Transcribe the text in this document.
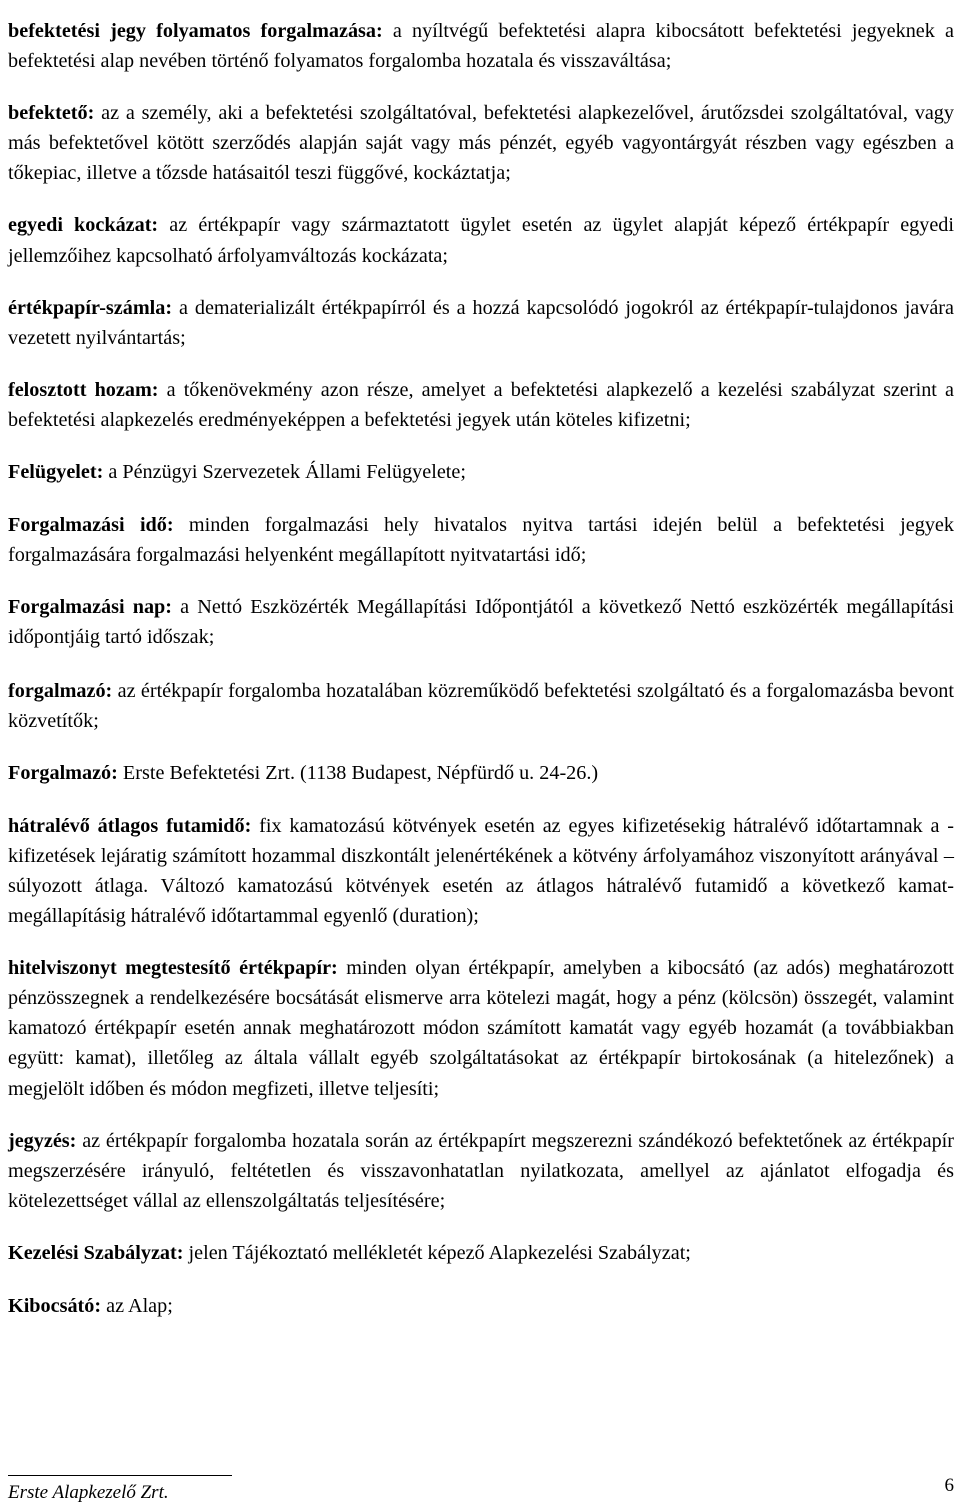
befektetési jegy folyamatos forgalmazása: a nyíltvégű befektetési alapra kibocsátott befektetési jegyeknek a befektetési alap nevében történő folyamatos forgalomba hozatala és visszaváltása;

befektető: az a személy, aki a befektetési szolgáltatóval, befektetési alapkezelővel, árutőzsdei szolgáltatóval, vagy más befektetővel kötött szerződés alapján saját vagy más pénzét, egyéb vagyontárgyát részben vagy egészben a tőkepiac, illetve a tőzsde hatásaitól teszi függővé, kockáztatja;

egyedi kockázat: az értékpapír vagy származtatott ügylet esetén az ügylet alapját képező értékpapír egyedi jellemzőihez kapcsolható árfolyamváltozás kockázata;

értékpapír-számla: a dematerializált értékpapírról és a hozzá kapcsolódó jogokról az értékpapír-tulajdonos javára vezetett nyilvántartás;

felosztott hozam: a tőkenövekmény azon része, amelyet a befektetési alapkezelő a kezelési szabályzat szerint a befektetési alapkezelés eredményeképpen a befektetési jegyek után köteles kifizetni;

Felügyelet: a Pénzügyi Szervezetek Állami Felügyelete;

Forgalmazási idő: minden forgalmazási hely hivatalos nyitva tartási idején belül a befektetési jegyek forgalmazására forgalmazási helyenként megállapított nyitvatartási idő;

Forgalmazási nap: a Nettó Eszközérték Megállapítási Időpontjától a következő Nettó eszközérték megállapítási időpontjáig tartó időszak;

forgalmazó: az értékpapír forgalomba hozatalában közreműködő befektetési szolgáltató és a forgalomazásba bevont közvetítők;

Forgalmazó: Erste Befektetési Zrt. (1138 Budapest, Népfürdő u. 24-26.)

hátralévő átlagos futamidő: fix kamatozású kötvények esetén az egyes kifizetésekig hátralévő időtartamnak a - kifizetések lejáratig számított hozammal diszkontált jelenértékének a kötvény árfolyamához viszonyított arányával – súlyozott átlaga. Változó kamatozású kötvények esetén az átlagos hátralévő futamidő a következő kamat-megállapításig hátralévő időtartammal egyenlő (duration);

hitelviszonyt megtestesítő értékpapír: minden olyan értékpapír, amelyben a kibocsátó (az adós) meghatározott pénzösszegnek a rendelkezésére bocsátását elismerve arra kötelezi magát, hogy a pénz (kölcsön) összegét, valamint kamatozó értékpapír esetén annak meghatározott módon számított kamatát vagy egyéb hozamát (a továbbiakban együtt: kamat), illetőleg az általa vállalt egyéb szolgáltatásokat az értékpapír birtokosának (a hitelezőnek) a megjelölt időben és módon megfizeti, illetve teljesíti;

jegyzés: az értékpapír forgalomba hozatala során az értékpapírt megszerezni szándékozó befektetőnek az értékpapír megszerzésére irányuló, feltétetlen és visszavonhatatlan nyilatkozata, amellyel az ajánlatot elfogadja és kötelezettséget vállal az ellenszolgáltatás teljesítésére;

Kezelési Szabályzat: jelen Tájékoztató mellékletét képező Alapkezelési Szabályzat;

Kibocsátó: az Alap;

Erste Alapkezelő Zrt.	6
